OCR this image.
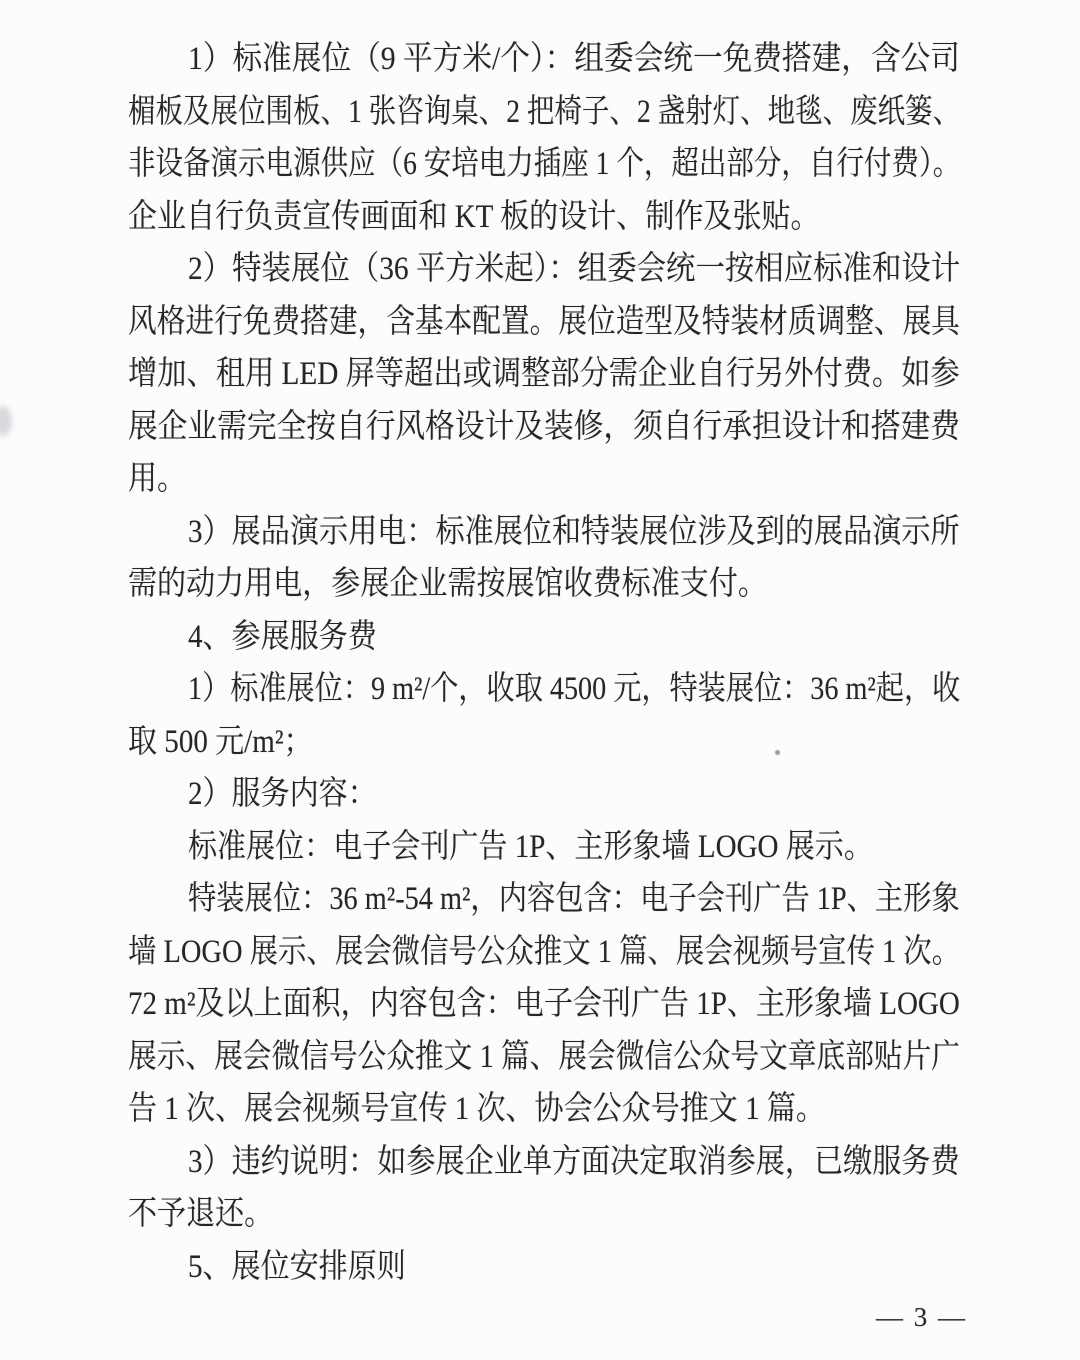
1）标准展位（9 平方米/个）：组委会统一免费搭建，含公司
楣板及展位围板、1 张咨询桌、2 把椅子、2 盏射灯、地毯、废纸篓、
非设备演示电源供应（6 安培电力插座 1 个，超出部分，自行付费）。
企业自行负责宣传画面和 KT 板的设计、制作及张贴。
2）特装展位（36 平方米起）：组委会统一按相应标准和设计
风格进行免费搭建，含基本配置。展位造型及特装材质调整、展具
增加、租用 LED 屏等超出或调整部分需企业自行另外付费。如参
展企业需完全按自行风格设计及装修，须自行承担设计和搭建费
用。
3）展品演示用电：标准展位和特装展位涉及到的展品演示所
需的动力用电，参展企业需按展馆收费标准支付。
4、参展服务费
1）标准展位：9 m²/个，收取 4500 元，特装展位：36 m²起，收
取 500 元/m²；
2）服务内容：
标准展位：电子会刊广告 1P、主形象墙 LOGO 展示。
特装展位：36 m²-54 m²，内容包含：电子会刊广告 1P、主形象
墙 LOGO 展示、展会微信号公众推文 1 篇、展会视频号宣传 1 次。
72 m²及以上面积，内容包含：电子会刊广告 1P、主形象墙 LOGO
展示、展会微信号公众推文 1 篇、展会微信公众号文章底部贴片广
告 1 次、展会视频号宣传 1 次、协会公众号推文 1 篇。
3）违约说明：如参展企业单方面决定取消参展，已缴服务费
不予退还。
5、展位安排原则
— 3 —
